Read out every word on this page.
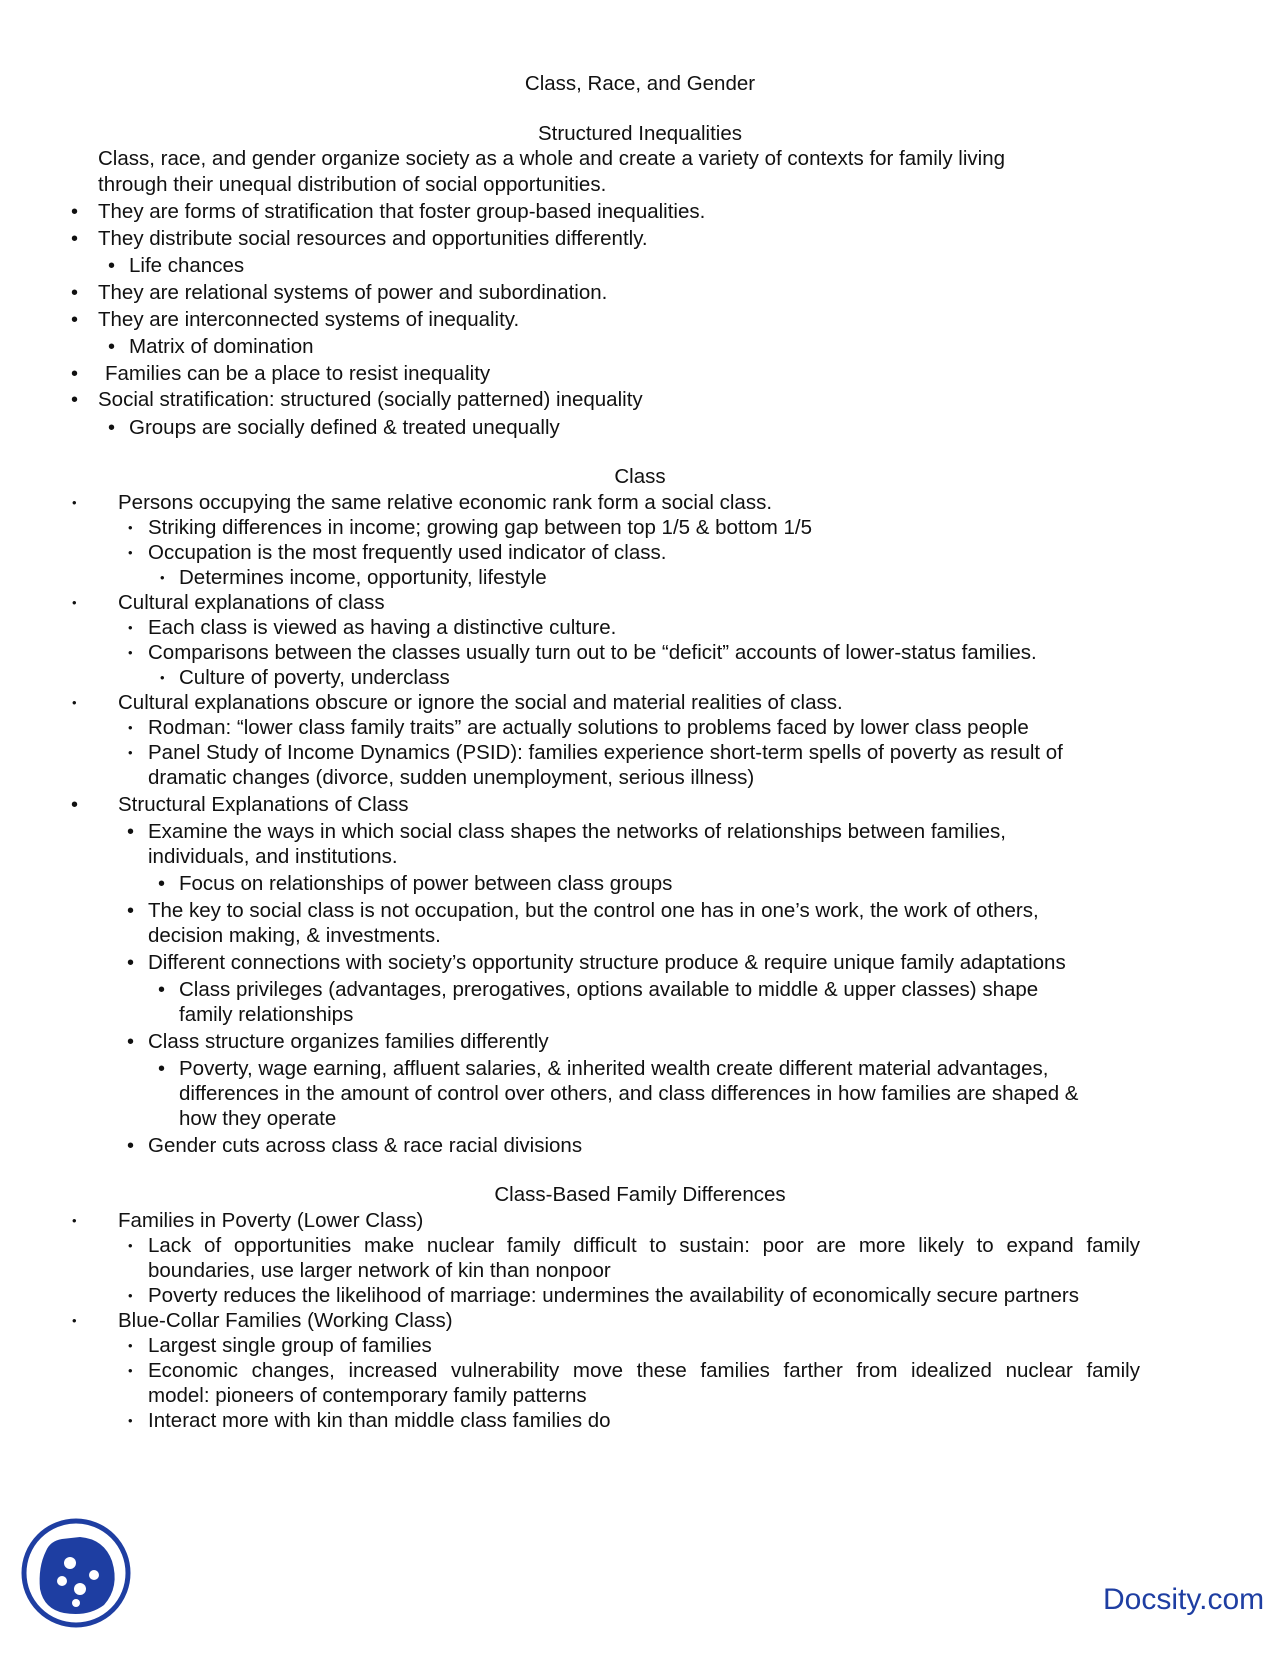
Class, Race, and Gender
Structured Inequalities
Class, race, and gender organize society as a whole and create a variety of contexts for family living
through their unequal distribution of social opportunities.
• They are forms of stratification that foster group-based inequalities.
• They distribute social resources and opportunities differently.
• Life chances
• They are relational systems of power and subordination.
• They are interconnected systems of inequality.
• Matrix of domination
• Families can be a place to resist inequality
• Social stratification: structured (socially patterned) inequality
• Groups are socially defined & treated unequally
Class
• Persons occupying the same relative economic rank form a social class.
• Striking differences in income; growing gap between top 1/5 & bottom 1/5
• Occupation is the most frequently used indicator of class.
• Determines income, opportunity, lifestyle
• Cultural explanations of class
• Each class is viewed as having a distinctive culture.
• Comparisons between the classes usually turn out to be “deficit” accounts of lower-status families.
• Culture of poverty, underclass
• Cultural explanations obscure or ignore the social and material realities of class.
• Rodman: “lower class family traits” are actually solutions to problems faced by lower class people
• Panel Study of Income Dynamics (PSID): families experience short-term spells of poverty as result of
dramatic changes (divorce, sudden unemployment, serious illness)
• Structural Explanations of Class
• Examine the ways in which social class shapes the networks of relationships between families,
individuals, and institutions.
• Focus on relationships of power between class groups
• The key to social class is not occupation, but the control one has in one’s work, the work of others,
decision making, & investments.
• Different connections with society’s opportunity structure produce & require unique family adaptations
• Class privileges (advantages, prerogatives, options available to middle & upper classes) shape
family relationships
• Class structure organizes families differently
• Poverty, wage earning, affluent salaries, & inherited wealth create different material advantages,
differences in the amount of control over others, and class differences in how families are shaped &
how they operate
• Gender cuts across class & race racial divisions
Class-Based Family Differences
• Families in Poverty (Lower Class)
• Lack of opportunities make nuclear family difficult to sustain: poor are more likely to expand family
boundaries, use larger network of kin than nonpoor
• Poverty reduces the likelihood of marriage: undermines the availability of economically secure partners
• Blue-Collar Families (Working Class)
• Largest single group of families
• Economic changes, increased vulnerability move these families farther from idealized nuclear family
model: pioneers of contemporary family patterns
• Interact more with kin than middle class families do
Docsity.com
